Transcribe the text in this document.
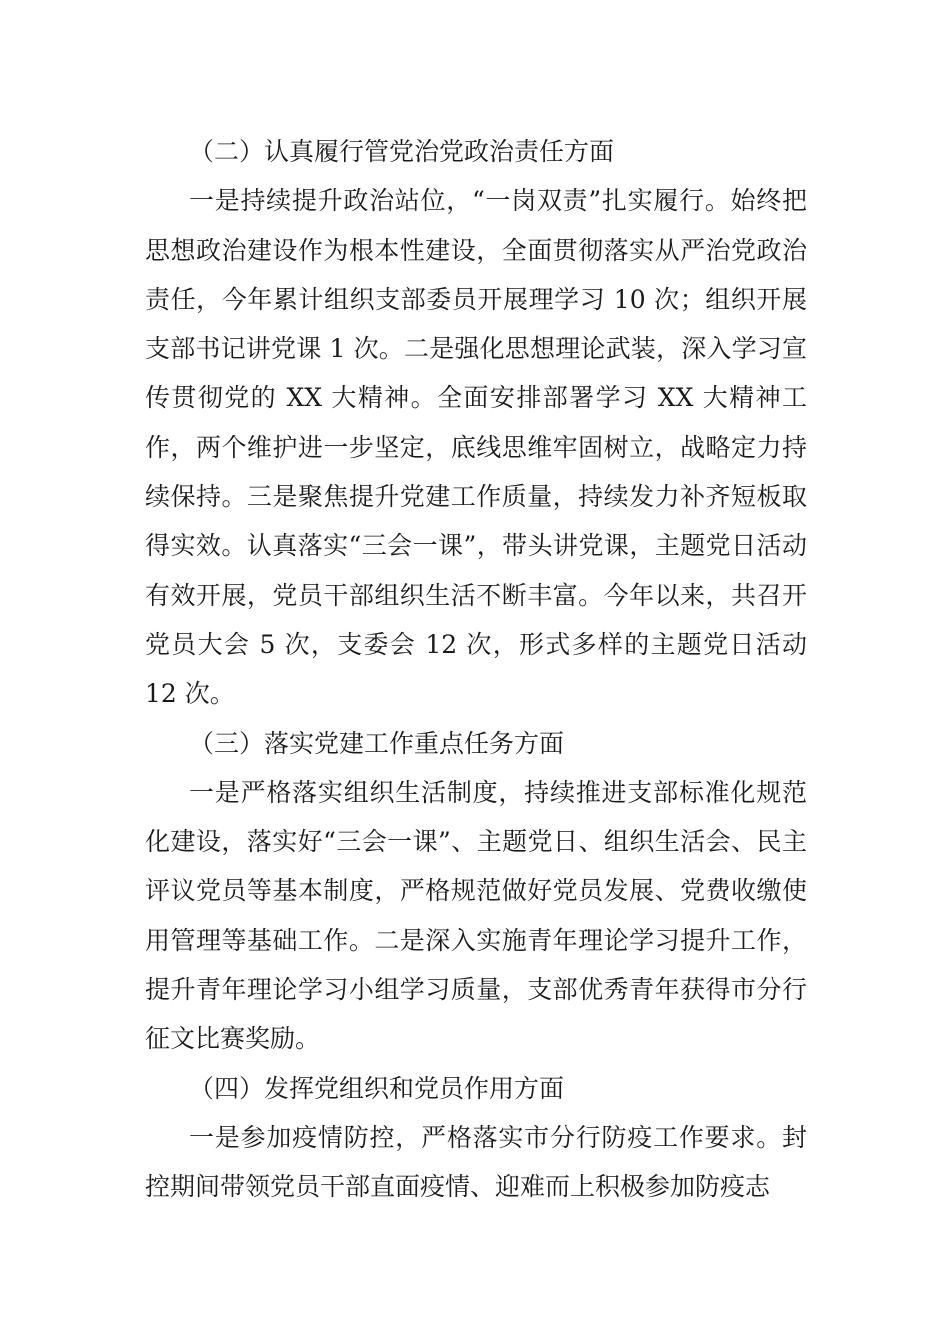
（二）认真履行管党治党政治责任方面

一是持续提升政治站位，“一岗双责”扎实履行。始终把思想政治建设作为根本性建设，全面贯彻落实从严治党政治责任，今年累计组织支部委员开展理学习 10 次；组织开展支部书记讲党课 1 次。二是强化思想理论武装，深入学习宣传贯彻党的 XX 大精神。全面安排部署学习 XX 大精神工作，两个维护进一步坚定，底线思维牢固树立，战略定力持续保持。三是聚焦提升党建工作质量，持续发力补齐短板取得实效。认真落实“三会一课”，带头讲党课，主题党日活动有效开展，党员干部组织生活不断丰富。今年以来，共召开党员大会 5 次，支委会 12 次，形式多样的主题党日活动 12 次。

（三）落实党建工作重点任务方面

一是严格落实组织生活制度，持续推进支部标准化规范化建设，落实好“三会一课”、主题党日、组织生活会、民主评议党员等基本制度，严格规范做好党员发展、党费收缴使用管理等基础工作。二是深入实施青年理论学习提升工作，提升青年理论学习小组学习质量，支部优秀青年获得市分行征文比赛奖励。

（四）发挥党组织和党员作用方面

一是参加疫情防控，严格落实市分行防疫工作要求。封控期间带领党员干部直面疫情、迎难而上积极参加防疫志
